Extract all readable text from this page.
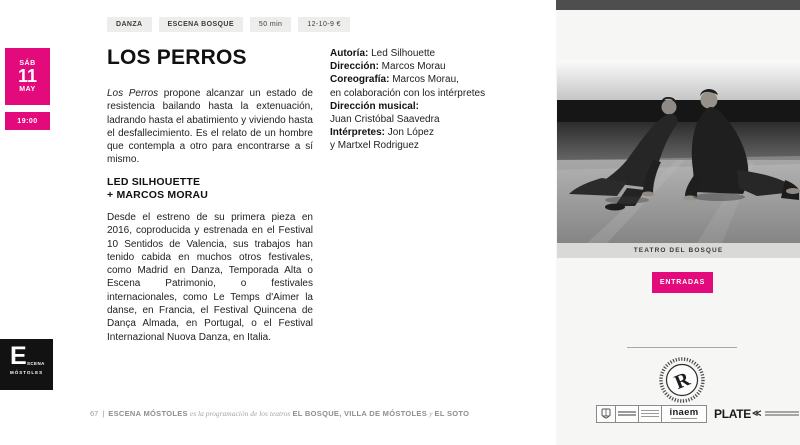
DANZA	ESCENA BOSQUE	50 min	12-10-9 €
SÁB
11
MAY
19:00
LOS PERROS

Los Perros propone alcanzar un estado de resistencia bailando hasta la extenuación, ladrando hasta el abatimiento y viviendo hasta el desfallecimiento. Es el relato de un hombre que contempla a otro para encontrarse a sí mismo.

LED SILHOUETTE
+ MARCOS MORAU

Desde el estreno de su primera pieza en 2016, coproducida y estrenada en el Festival 10 Sentidos de Valencia, sus trabajos han tenido cabida en muchos otros festivales, como Madrid en Danza, Temporada Alta o Escena Patrimonio, o festivales internacionales, como Le Temps d'Aimer la danse, en Francia, el Festival Quincena de Dança Almada, en Portugal, o el Festival Internazional Nuova Danza, en Italia.

Autoría: Led Silhouette
Dirección: Marcos Morau
Coreografía: Marcos Morau,
en colaboración con los intérpretes
Dirección musical:
Juan Cristóbal Saavedra
Intérpretes: Jon López
y Martxel Rodriguez
TEATRO DEL BOSQUE
ENTRADAS
R
inaem PLATE ≪
E SCENA
MÓSTOLES
67 | ESCENA MÓSTOLES es la programación de los teatros EL BOSQUE, VILLA DE MÓSTOLES y EL SOTO
